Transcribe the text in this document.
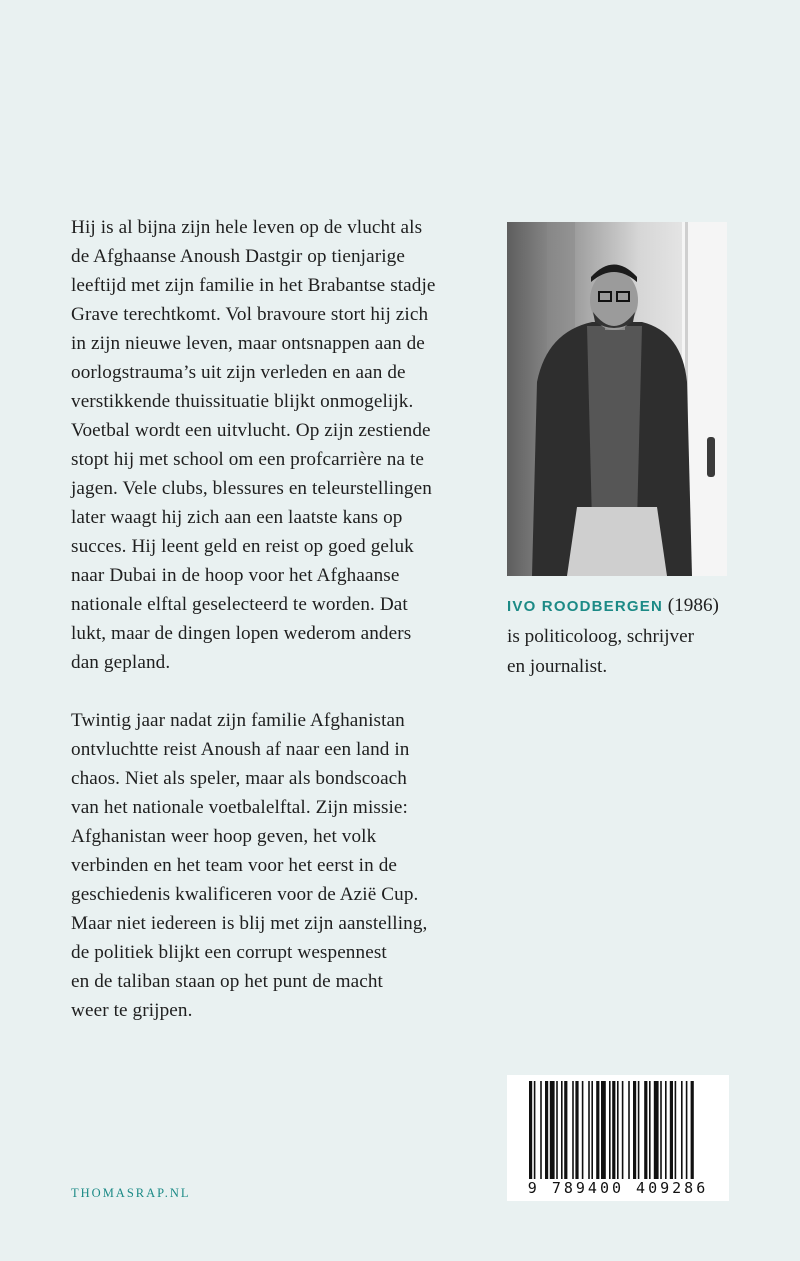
Hij is al bijna zijn hele leven op de vlucht als
de Afghaanse Anoush Dastgir op tienjarige
leeftijd met zijn familie in het Brabantse stadje
Grave terechtkomt. Vol bravoure stort hij zich
in zijn nieuwe leven, maar ontsnappen aan de
oorlogstrauma’s uit zijn verleden en aan de
verstikkende thuissituatie blijkt onmogelijk.
Voetbal wordt een uitvlucht. Op zijn zestiende
stopt hij met school om een profcarrière na te
jagen. Vele clubs, blessures en teleurstellingen
later waagt hij zich aan een laatste kans op
succes. Hij leent geld en reist op goed geluk
naar Dubai in de hoop voor het Afghaanse
nationale elftal geselecteerd te worden. Dat
lukt, maar de dingen lopen wederom anders
dan gepland.
Twintig jaar nadat zijn familie Afghanistan
ontvluchtte reist Anoush af naar een land in
chaos. Niet als speler, maar als bondscoach
van het nationale voetbalelftal. Zijn missie:
Afghanistan weer hoop geven, het volk
verbinden en het team voor het eerst in de
geschiedenis kwalificeren voor de Azië Cup.
Maar niet iedereen is blij met zijn aanstelling,
de politiek blijkt een corrupt wespennest
en de taliban staan op het punt de macht
weer te grijpen.
IVO ROODBERGEN (1986)
is politicoloog, schrijver
en journalist.
9 789400 409286
THOMASRAP.NL
